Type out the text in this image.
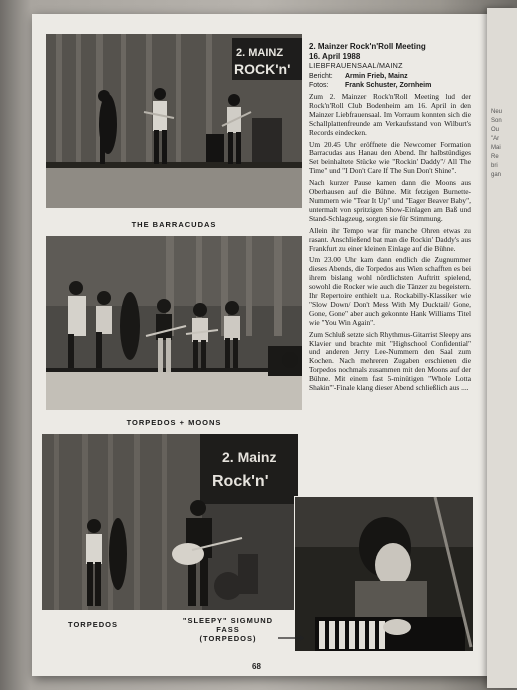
2. MAINZ
ROCK'n'
THE BARRACUDAS
TORPEDOS + MOONS
2. Mainz
Rock'n'
TORPEDOS	"SLEEPY" SIGMUND FASS
(TORPEDOS)
2. Mainzer Rock'n'Roll Meeting
16. April 1988
LIEBFRAUENSAAL/MAINZ
Bericht:	Armin Frieb, Mainz
Fotos:	Frank Schuster, Zornheim

Zum 2. Mainzer Rock'n'Roll Meeting lud der Rock'n'Roll Club Bodenheim am 16. April in den Mainzer Liebfrauensaal. Im Vorraum konnten sich die Schallplattenfreunde am Verkaufsstand von Wilburt's Records eindecken.

Um 20.45 Uhr eröffnete die Newcomer Formation Barracudas aus Hanau den Abend. Ihr halbstündiges Set beinhaltete Stücke wie "Rockin' Daddy"/ All The Time" und "I Don't Care If The Sun Don't Shine".

Nach kurzer Pause kamen dann die Moons aus Oberhausen auf die Bühne. Mit fetzigen Burnette-Nummern wie "Tear It Up" und "Eager Beaver Baby", untermalt von spritzigen Show-Einlagen am Baß und Stand-Schlagzeug, sorgten sie für Stimmung.

Allein ihr Tempo war für manche Ohren etwas zu rasant. Anschließend bat man die Rockin' Daddy's aus Frankfurt zu einer kleinen Einlage auf die Bühne.

Um 23.00 Uhr kam dann endlich die Zugnummer dieses Abends, die Torpedos aus Wien schafften es bei ihrem bislang wohl nördlichsten Auftritt spielend, sowohl die Rocker wie auch die Tänzer zu begeistern. Ihr Repertoire enthielt u.a. Rockabilly-Klassiker wie "Slow Down/ Don't Mess With My Ducktail/ Gone, Gone, Gone" aber auch gekonnte Hank Williams Titel wie "You Win Again".

Zum Schluß setzte sich Rhythmus-Gitarrist Sleepy ans Klavier und brachte mit "Highschool Confidential" und anderen Jerry Lee-Nummern den Saal zum Kochen. Nach mehreren Zugaben erschienen die Torpedos nochmals zusammen mit den Moons auf der Bühne. Mit einem fast 5-minütigen "Whole Lotta Shakin'"-Finale klang dieser Abend schließlich aus ....

68
Neu
Son
Ou
"Ar
Mai
Re
bri
gan
